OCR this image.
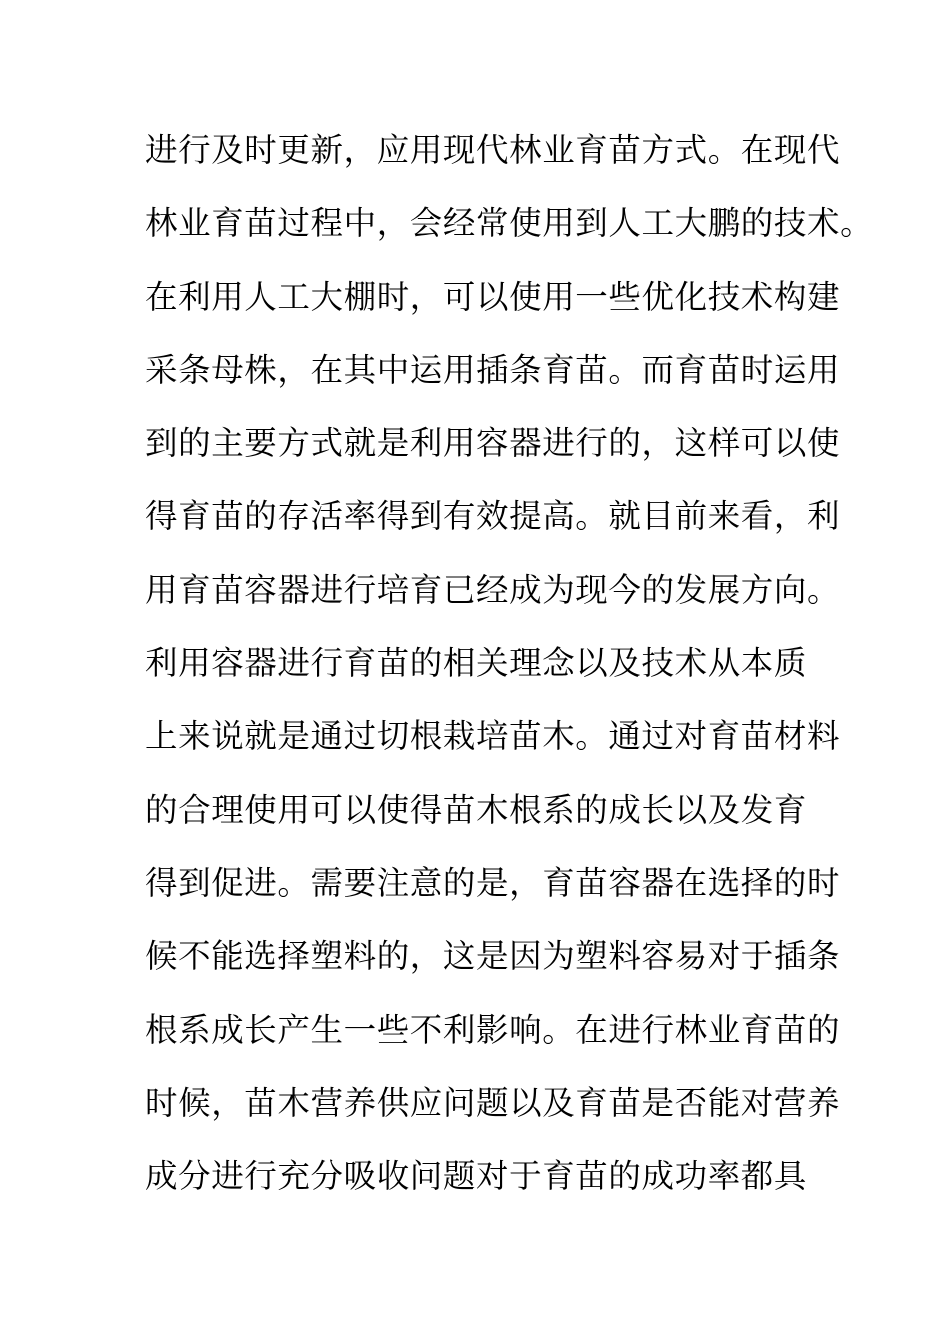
进行及时更新，应用现代林业育苗方式。在现代
林业育苗过程中，会经常使用到人工大鹏的技术。
在利用人工大棚时，可以使用一些优化技术构建
采条母株，在其中运用插条育苗。而育苗时运用
到的主要方式就是利用容器进行的，这样可以使
得育苗的存活率得到有效提高。就目前来看，利
用育苗容器进行培育已经成为现今的发展方向。
利用容器进行育苗的相关理念以及技术从本质
上来说就是通过切根栽培苗木。通过对育苗材料
的合理使用可以使得苗木根系的成长以及发育
得到促进。需要注意的是，育苗容器在选择的时
候不能选择塑料的，这是因为塑料容易对于插条
根系成长产生一些不利影响。在进行林业育苗的
时候，苗木营养供应问题以及育苗是否能对营养
成分进行充分吸收问题对于育苗的成功率都具
